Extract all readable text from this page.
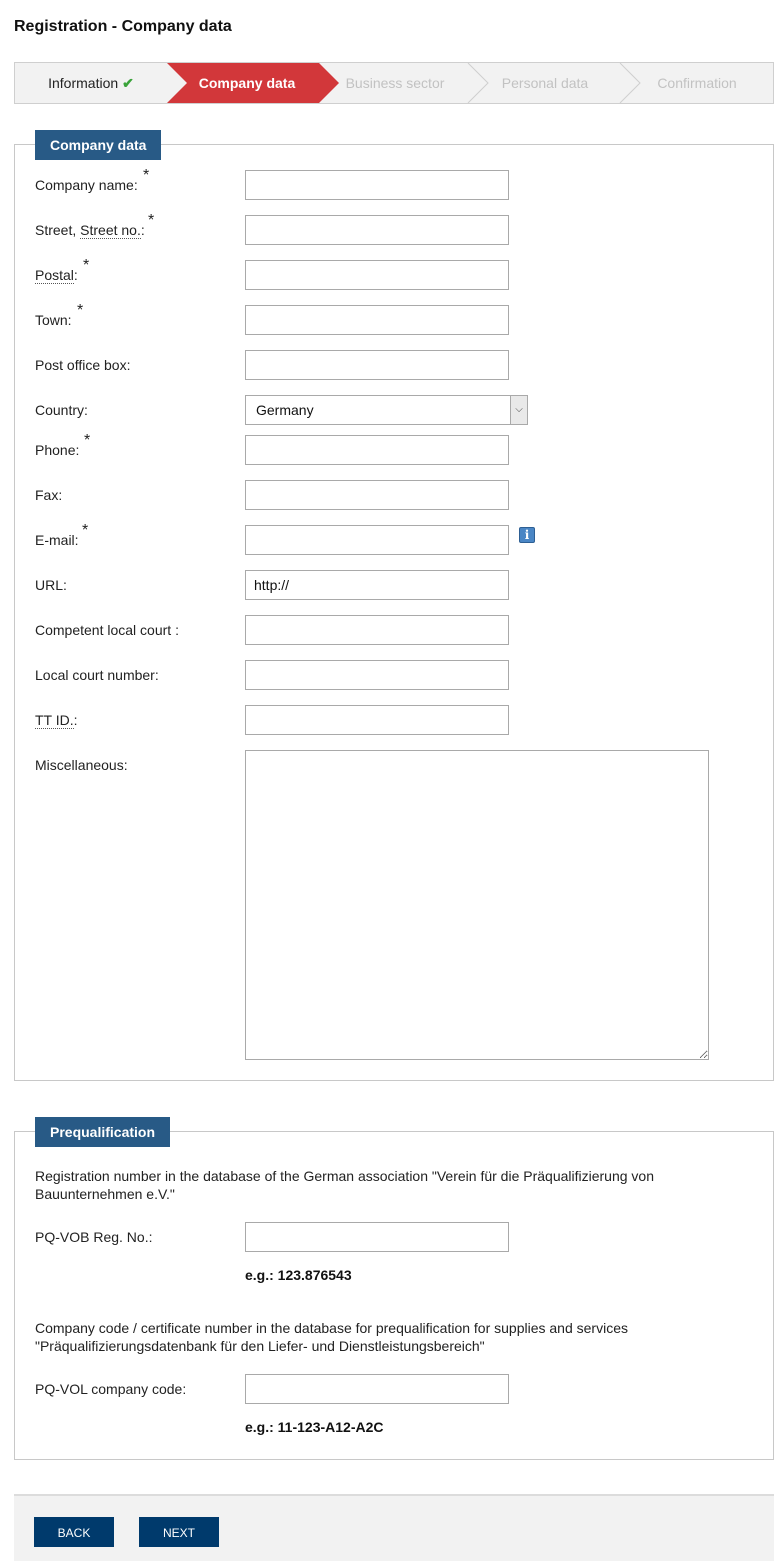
Registration - Company data
Information ✔	Company data	Business sector	Personal data	Confirmation
Company data
Company name:
*
Street, Street no.:
*
Postal:
*
Town:
*
Post office box:
Country:	Germany	⌵
Phone:
*
Fax:
E-mail:
*	i
URL:
http://
Competent local court :
Local court number:
TT ID.:
Miscellaneous:
Prequalification
Registration number in the database of the German association "Verein für die Präqualifizierung von Bauunternehmen e.V."
PQ-VOB Reg. No.:
e.g.: 123.876543
Company code / certificate number in the database for prequalification for supplies and services "Präqualifizierungsdatenbank für den Liefer- und Dienstleistungsbereich"
PQ-VOL company code:
e.g.: 11-123-A12-A2C
BACK	NEXT
